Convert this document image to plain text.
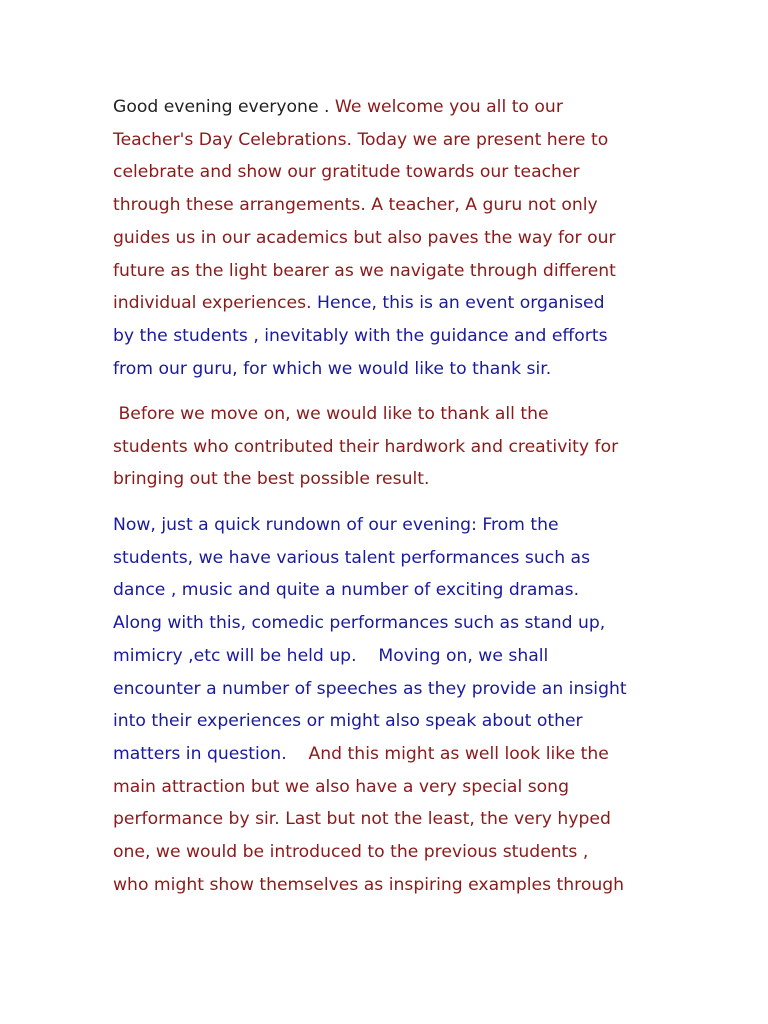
Good evening everyone . We welcome you all to our
Teacher's Day Celebrations. Today we are present here to
celebrate and show our gratitude towards our teacher
through these arrangements. A teacher, A guru not only
guides us in our academics but also paves the way for our
future as the light bearer as we navigate through different
individual experiences. Hence, this is an event organised
by the students , inevitably with the guidance and efforts
from our guru, for which we would like to thank sir.

Before we move on, we would like to thank all the
students who contributed their hardwork and creativity for
bringing out the best possible result.

Now, just a quick rundown of our evening: From the
students, we have various talent performances such as
dance , music and quite a number of exciting dramas.
Along with this, comedic performances such as stand up,
mimicry ,etc will be held up.    Moving on, we shall
encounter a number of speeches as they provide an insight
into their experiences or might also speak about other
matters in question.    And this might as well look like the
main attraction but we also have a very special song
performance by sir. Last but not the least, the very hyped
one, we would be introduced to the previous students ,
who might show themselves as inspiring examples through
